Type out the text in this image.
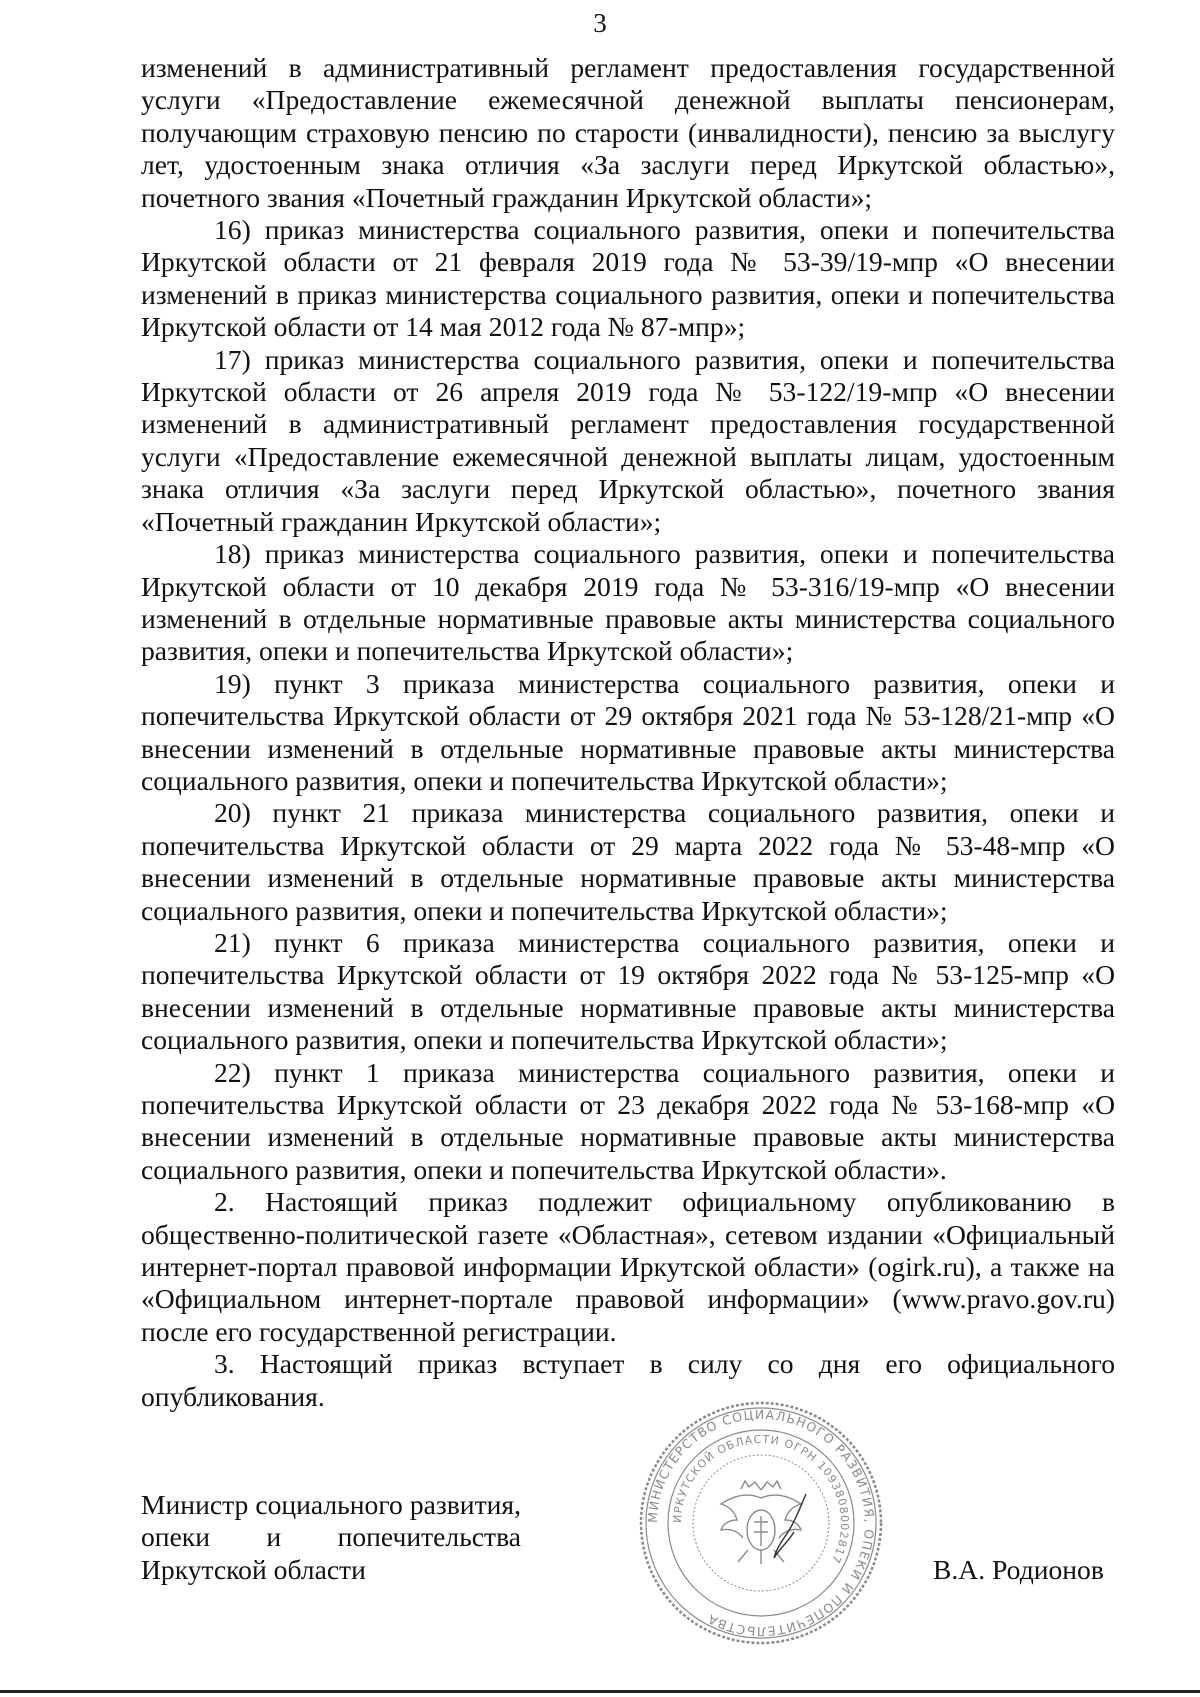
3

изменений в административный регламент предоставления государственной услуги «Предоставление ежемесячной денежной выплаты пенсионерам, получающим страховую пенсию по старости (инвалидности), пенсию за выслугу лет, удостоенным знака отличия «За заслуги перед Иркутской областью», почетного звания «Почетный гражданин Иркутской области»;

16) приказ министерства социального развития, опеки и попечительства Иркутской области от 21 февраля 2019 года № 53-39/19-мпр «О внесении изменений в приказ министерства социального развития, опеки и попечительства Иркутской области от 14 мая 2012 года № 87-мпр»;

17) приказ министерства социального развития, опеки и попечительства Иркутской области от 26 апреля 2019 года № 53-122/19-мпр «О внесении изменений в административный регламент предоставления государственной услуги «Предоставление ежемесячной денежной выплаты лицам, удостоенным знака отличия «За заслуги перед Иркутской областью», почетного звания «Почетный гражданин Иркутской области»;

18) приказ министерства социального развития, опеки и попечительства Иркутской области от 10 декабря 2019 года № 53-316/19-мпр «О внесении изменений в отдельные нормативные правовые акты министерства социального развития, опеки и попечительства Иркутской области»;

19) пункт 3 приказа министерства социального развития, опеки и попечительства Иркутской области от 29 октября 2021 года № 53-128/21-мпр «О внесении изменений в отдельные нормативные правовые акты министерства социального развития, опеки и попечительства Иркутской области»;

20) пункт 21 приказа министерства социального развития, опеки и попечительства Иркутской области от 29 марта 2022 года № 53-48-мпр «О внесении изменений в отдельные нормативные правовые акты министерства социального развития, опеки и попечительства Иркутской области»;

21) пункт 6 приказа министерства социального развития, опеки и попечительства Иркутской области от 19 октября 2022 года № 53-125-мпр «О внесении изменений в отдельные нормативные правовые акты министерства социального развития, опеки и попечительства Иркутской области»;

22) пункт 1 приказа министерства социального развития, опеки и попечительства Иркутской области от 23 декабря 2022 года № 53-168-мпр «О внесении изменений в отдельные нормативные правовые акты министерства социального развития, опеки и попечительства Иркутской области».

2. Настоящий приказ подлежит официальному опубликованию в общественно-политической газете «Областная», сетевом издании «Официальный интернет-портал правовой информации Иркутской области» (ogirk.ru), а также на «Официальном интернет-портале правовой информации» (www.pravo.gov.ru) после его государственной регистрации.

3. Настоящий приказ вступает в силу со дня его официального опубликования.

Министр социального развития,
опеки и попечительства
Иркутской области
МИНИСТЕРСТВО СОЦИАЛЬНОГО РАЗВИТИЯ, ОПЕКИ И ПОПЕЧИТЕЛЬСТВА
ИРКУТСКОЙ ОБЛАСТИ ОГРН 1093808002817	В.А. Родионов
